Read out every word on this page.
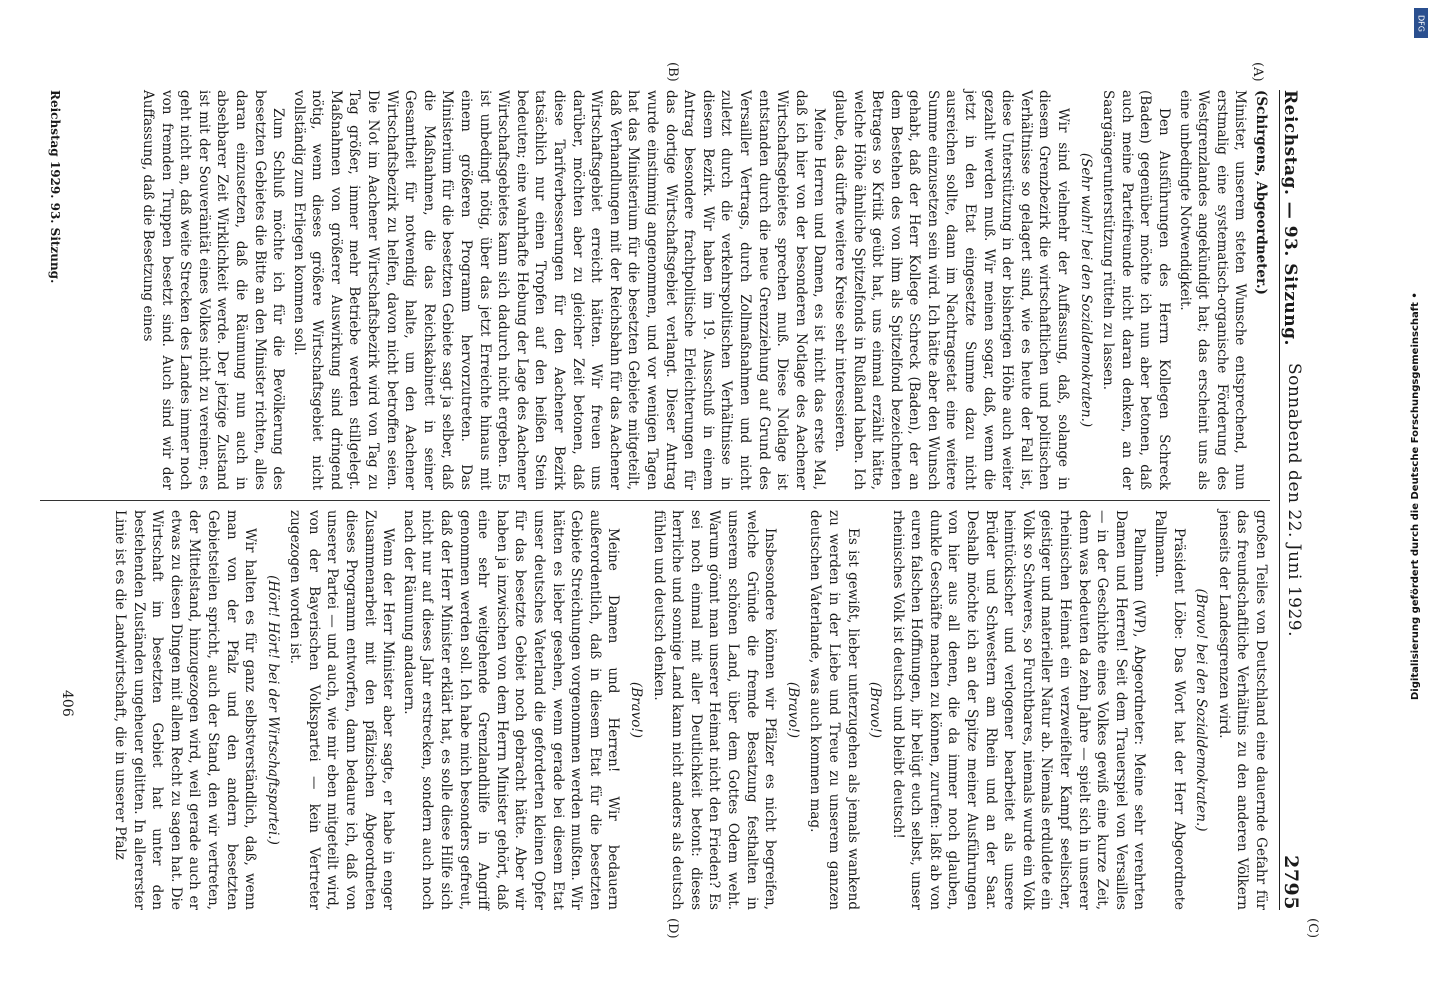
Reichstag. — 93. Sitzung.
Sonnabend den 22. Juni 1929.
2795
(A)
(B)
(C)
(D)

(Schirgens, Abgeordneter.)

Minister, unserem steten Wunsche entsprechend, nun erstmalig eine systematisch-organische Förderung des Westgrenzlandes angekündigt hat; das erscheint uns als eine unbedingte Notwendigkeit.

Den Ausführungen des Herrn Kollegen Schreck (Baden) gegenüber möchte ich nun aber betonen, daß auch meine Parteifreunde nicht daran denken, an der Saargängerunterstützung rütteln zu lassen.

(Sehr wahr! bei den Sozialdemokraten.)

Wir sind vielmehr der Auffassung, daß, solange in diesem Grenzbezirk die wirtschaftlichen und politischen Verhältnisse so gelagert sind, wie es heute der Fall ist, diese Unterstützung in der bisherigen Höhe auch weiter gezahlt werden muß. Wir meinen sogar, daß, wenn die jetzt in den Etat eingesetzte Summe dazu nicht ausreichen sollte, dann im Nachtragsetat eine weitere Summe einzusetzen sein wird. Ich hätte aber den Wunsch gehabt, daß der Herr Kollege Schreck (Baden), der an dem Bestehen des von ihm als Spitzelfond bezeichneten Betrages so Kritik geübt hat, uns einmal erzählt hätte, welche Höhe ähnliche Spitzelfonds in Rußland haben. Ich glaube, das dürfte weitere Kreise sehr interessieren.

Meine Herren und Damen, es ist nicht das erste Mal, daß ich hier von der besonderen Notlage des Aachener Wirtschaftsgebietes sprechen muß. Diese Notlage ist entstanden durch die neue Grenzziehung auf Grund des Versailler Vertrags, durch Zollmaßnahmen und nicht zuletzt durch die verkehrspolitischen Verhältnisse in diesem Bezirk. Wir haben im 19. Ausschuß in einem Antrag besondere frachtpolitische Erleichterungen für das dortige Wirtschaftsgebiet verlangt. Dieser Antrag wurde einstimmig angenommen, und vor wenigen Tagen hat das Ministerium für die besetzten Gebiete mitgeteilt, daß Verhandlungen mit der Reichsbahn für das Aachener Wirtschaftsgebiet erreicht hätten. Wir freuen uns darüber, möchten aber zu gleicher Zeit betonen, daß diese Tarifverbesserungen für den Aachener Bezirk tatsächlich nur einen Tropfen auf den heißen Stein bedeuten; eine wahrhafte Hebung der Lage des Aachener Wirtschaftsgebietes kann sich dadurch nicht ergeben. Es ist unbedingt nötig, über das jetzt Erreichte hinaus mit einem größeren Programm hervorzutreten. Das Ministerium für die besetzten Gebiete sagt ja selber, daß die Maßnahmen, die das Reichskabinett in seiner Gesamtheit für notwendig halte, um den Aachener Wirtschaftsbezirk zu helfen, davon nicht betroffen seien. Die Not im Aachener Wirtschaftsbezirk wird von Tag zu Tag größer, immer mehr Betriebe werden stillgelegt. Maßnahmen von größerer Auswirkung sind dringend nötig, wenn dieses größere Wirtschaftsgebiet nicht vollständig zum Erliegen kommen soll.

Zum Schluß möchte ich für die Bevölkerung des besetzten Gebietes die Bitte an den Minister richten, alles daran einzusetzen, daß die Räumung nun auch in absehbarer Zeit Wirklichkeit werde. Der jetzige Zustand ist mit der Souveränität eines Volkes nicht zu vereinen; es geht nicht an, daß weite Strecken des Landes immer noch von fremden Truppen besetzt sind. Auch sind wir der Auffassung, daß die Besetzung eines

großen Teiles von Deutschland eine dauernde Gefahr für das freundschaftliche Verhältnis zu den anderen Völkern jenseits der Landesgrenzen wird.

(Bravo! bei den Sozialdemokraten.)

Präsident Löbe: Das Wort hat der Herr Abgeordnete Pallmann.

Pallmann (WP), Abgeordneter: Meine sehr verehrten Damen und Herren! Seit dem Trauerspiel von Versailles — in der Geschichte eines Volkes gewiß eine kurze Zeit, denn was bedeuten da zehn Jahre — spielt sich in unserer rheinischen Heimat ein verzweifelter Kampf seelischer, geistiger und materieller Natur ab. Niemals erduldete ein Volk so Schweres, so Furchtbares, niemals wurde ein Volk heimtückischer und verlogener bearbeitet als unsere Brüder und Schwestern am Rhein und an der Saar. Deshalb möchte ich an der Spitze meiner Ausführungen von hier aus all denen, die da immer noch glauben, dunkle Geschäfte machen zu können, zurufen: laßt ab von euren falschen Hoffnungen, ihr belügt euch selbst, unser rheinisches Volk ist deutsch und bleibt deutsch!

(Bravo!)

Es ist gewißt, lieber unterzugehen als jemals wankend zu werden in der Liebe und Treue zu unserem ganzen deutschen Vaterlande, was auch kommen mag.

(Bravo!)

Insbesondere können wir Pfälzer es nicht begreifen, welche Gründe die fremde Besatzung festhalten in unserem schönen Land, über dem Gottes Odem weht. Warum gönnt man unserer Heimat nicht den Frieden? Es sei noch einmal mit aller Deutlichkeit betont: dieses herrliche und sonnige Land kann nicht anders als deutsch fühlen und deutsch denken.

(Bravo!)

Meine Damen und Herren! Wir bedauern außerordentlich, daß in diesem Etat für die besetzten Gebiete Streichungen vorgenommen werden mußten. Wir hätten es lieber gesehen, wenn gerade bei diesem Etat unser deutsches Vaterland die geforderten kleinen Opfer für das besetzte Gebiet noch gebracht hätte. Aber wir haben ja inzwischen von dem Herrn Minister gehört, daß eine sehr weitgehende Grenzlandhilfe in Angriff genommen werden soll. Ich habe mich besonders gefreut, daß der Herr Minister erklärt hat, es solle diese Hilfe sich nicht nur auf dieses Jahr erstrecken, sondern auch noch nach der Räumung andauern.

Wenn der Herr Minister aber sagte, er habe in enger Zusammenarbeit mit den pfälzischen Abgeordneten dieses Programm entworfen, dann bedaure ich, daß von unserer Partei — und auch, wie mir eben mitgeteilt wird, von der Bayerischen Volkspartei — kein Vertreter zugezogen worden ist.

(Hört! Hört! bei der Wirtschaftspartei.)

Wir halten es für ganz selbstverständlich, daß, wenn man von der Pfalz und den andern besetzten Gebietsteilen spricht, auch der Stand, den wir vertreten, der Mittelstand, hinzugezogen wird, weil gerade auch er etwas zu diesen Dingen mit allem Recht zu sagen hat. Die Wirtschaft im besetzten Gebiet hat unter den bestehenden Zuständen ungeheuer gelitten. In allererster Linie ist es die Landwirtschaft, die in unserer Pfalz

Reichstag 1929. 93. Sitzung.
406
Digitalisierung gefördert durch die Deutsche Forschungsgemeinschaft •
DFG
